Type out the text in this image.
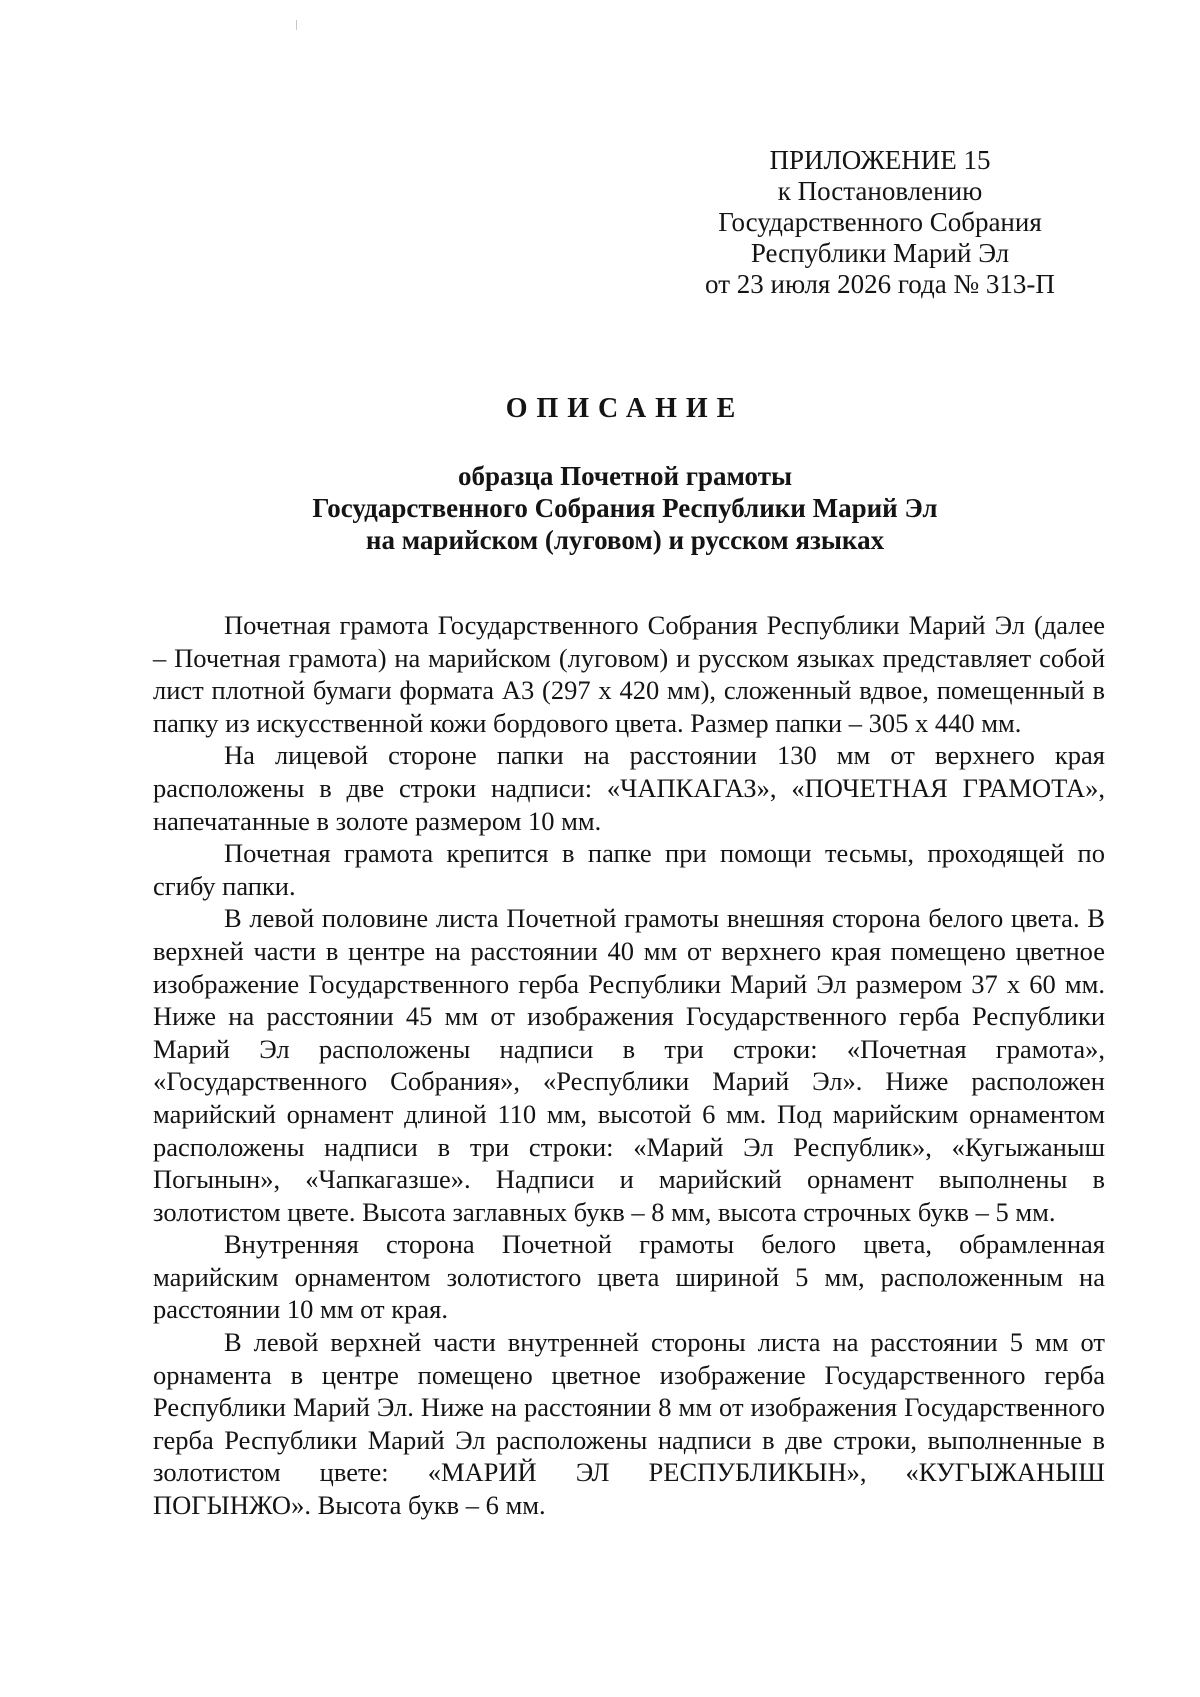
ПРИЛОЖЕНИЕ 15
к Постановлению
Государственного Собрания
Республики Марий Эл
от 23 июля 2026 года № 313-П
ОПИСАНИЕ
образца Почетной грамоты
Государственного Собрания Республики Марий Эл
на марийском (луговом) и русском языках

Почетная грамота Государственного Собрания Республики Марий Эл (далее – Почетная грамота) на марийском (луговом) и русском языках представляет собой лист плотной бумаги формата А3 (297 х 420 мм), сложенный вдвое, помещенный в папку из искусственной кожи бордового цвета. Размер папки – 305 х 440 мм.

На лицевой стороне папки на расстоянии 130 мм от верхнего края расположены в две строки надписи: «ЧАПКАГАЗ», «ПОЧЕТНАЯ ГРАМОТА», напечатанные в золоте размером 10 мм.

Почетная грамота крепится в папке при помощи тесьмы, проходящей по сгибу папки.

В левой половине листа Почетной грамоты внешняя сторона белого цвета. В верхней части в центре на расстоянии 40 мм от верхнего края помещено цветное изображение Государственного герба Республики Марий Эл размером 37 х 60 мм. Ниже на расстоянии 45 мм от изображения Государственного герба Республики Марий Эл расположены надписи в три строки: «Почетная грамота», «Государственного Собрания», «Республики Марий Эл». Ниже расположен марийский орнамент длиной 110 мм, высотой 6 мм. Под марийским орнаментом расположены надписи в три строки: «Марий Эл Республик», «Кугыжаныш Погынын», «Чапкагазше». Надписи и марийский орнамент выполнены в золотистом цвете. Высота заглавных букв – 8 мм, высота строчных букв – 5 мм.

Внутренняя сторона Почетной грамоты белого цвета, обрамленная марийским орнаментом золотистого цвета шириной 5 мм, расположенным на расстоянии 10 мм от края.

В левой верхней части внутренней стороны листа на расстоянии 5 мм от орнамента в центре помещено цветное изображение Государственного герба Республики Марий Эл. Ниже на расстоянии 8 мм от изображения Государственного герба Республики Марий Эл расположены надписи в две строки, выполненные в золотистом цвете: «МАРИЙ ЭЛ РЕСПУБЛИКЫН», «КУГЫЖАНЫШ ПОГЫНЖО». Высота букв – 6 мм.
